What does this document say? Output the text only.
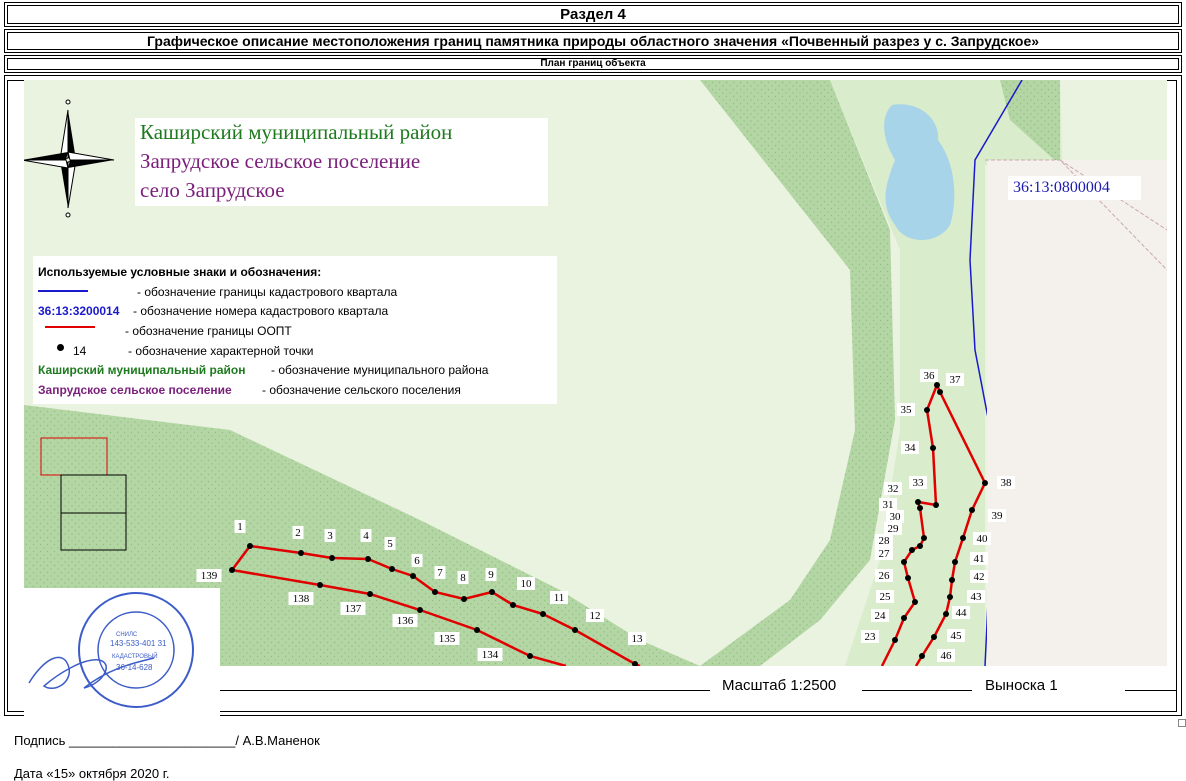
Раздел 4
Графическое описание местоположения границ памятника природы областного значения «Почвенный разрез у с. Запрудское»
План границ объекта
1	2 3	4
5
6
7 8 9
10
11
12
13
134
135
136
137
138
139
23
24
25
26
27
28
29
30
31
32 33
34
35
36 37
38
39
40
41
42
43
44
45
46
Каширский муниципальный район
Запрудское сельское поселение
село Запрудское	36:13:0800004
Используемые условные знаки и обозначения:
- обозначение границы кадастрового квартала
36:13:3200014 - обозначение номера кадастрового квартала
- обозначение границы ООПТ
14	- обозначение характерной точки
Каширский муниципальный район - обозначение муниципального района
Запрудское сельское поселение	- обозначение сельского поселения
СНИЛС
143-533-401 31
КАДАСТРОВЫЙ
36-14-628
Масштаб 1:2500	Выноска 1
Подпись _______________________/ А.В.Маненок
Дата «15» октября 2020 г.
